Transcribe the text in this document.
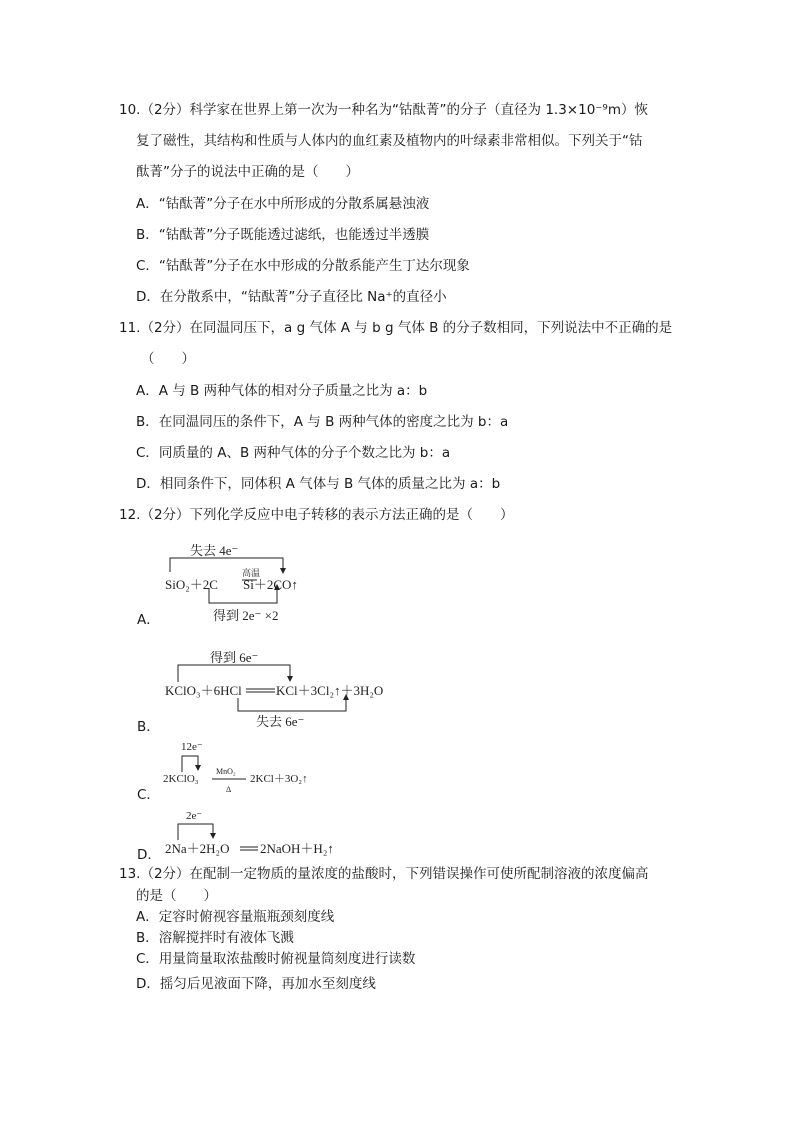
10.（2分）科学家在世界上第一次为一种名为“钴酞菁”的分子（直径为 1.3×10⁻⁹m）恢
复了磁性，其结构和性质与人体内的血红素及植物内的叶绿素非常相似。下列关于“钴
酞菁”分子的说法中正确的是（　　）
A．“钴酞菁”分子在水中所形成的分散系属悬浊液
B．“钴酞菁”分子既能透过滤纸，也能透过半透膜
C．“钴酞菁”分子在水中形成的分散系能产生丁达尔现象
D．在分散系中，“钴酞菁”分子直径比 Na⁺的直径小
11.（2分）在同温同压下，a g 气体 A 与 b g 气体 B 的分子数相同，下列说法中不正确的是
（　　）
A．A 与 B 两种气体的相对分子质量之比为 a：b
B．在同温同压的条件下，A 与 B 两种气体的密度之比为 b：a
C．同质量的 A、B 两种气体的分子个数之比为 b：a
D．相同条件下，同体积 A 气体与 B 气体的质量之比为 a：b
12.（2分）下列化学反应中电子转移的表示方法正确的是（　　）
失去 4e⁻
SiO₂＋2C
高温
Si＋2CO↑
得到 2e⁻ ×2
A．
得到 6e⁻
KClO₃＋6HCl	KCl＋3Cl₂↑＋3H₂O
失去 6e⁻
B．
12e⁻
MnO₂
2KClO₃	2KCl＋3O₂↑
Δ
C．
2e⁻
2Na＋2H₂O 2NaOH＋H₂↑
D．
13.（2分）在配制一定物质的量浓度的盐酸时，下列错误操作可使所配制溶液的浓度偏高
的是（　　）
A．定容时俯视容量瓶瓶颈刻度线
B．溶解搅拌时有液体飞溅
C．用量筒量取浓盐酸时俯视量筒刻度进行读数
D．摇匀后见液面下降，再加水至刻度线
